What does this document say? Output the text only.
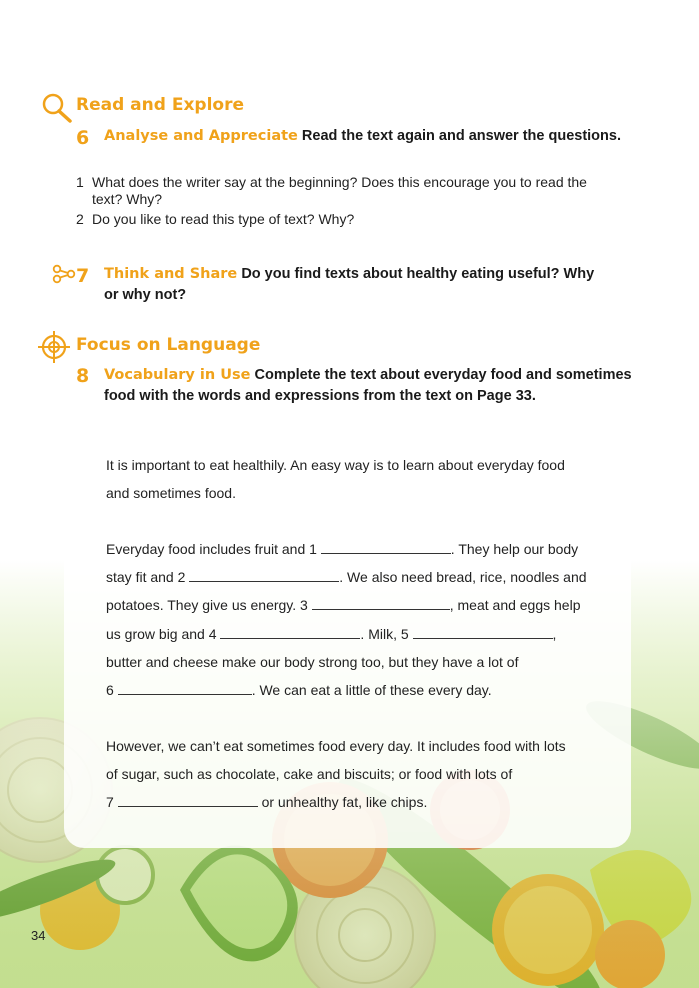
Read and Explore
6 Analyse and Appreciate Read the text again and answer the questions.
1 What does the writer say at the beginning? Does this encourage you to read the
text? Why?
2 Do you like to read this type of text? Why?
7 Think and Share Do you find texts about healthy eating useful? Why
or why not?
Focus on Language
8 Vocabulary in Use Complete the text about everyday food and sometimes
food with the words and expressions from the text on Page 33.
It is important to eat healthily. An easy way is to learn about everyday food
and sometimes food.
Everyday food includes fruit and 1	. They help our body
stay fit and 2	. We also need bread, rice, noodles and
potatoes. They give us energy. 3	, meat and eggs help
us grow big and 4	. Milk, 5	,
butter and cheese make our body strong too, but they have a lot of
6	. We can eat a little of these every day.
However, we can’t eat sometimes food every day. It includes food with lots
of sugar, such as chocolate, cake and biscuits; or food with lots of
7	or unhealthy fat, like chips.
34
